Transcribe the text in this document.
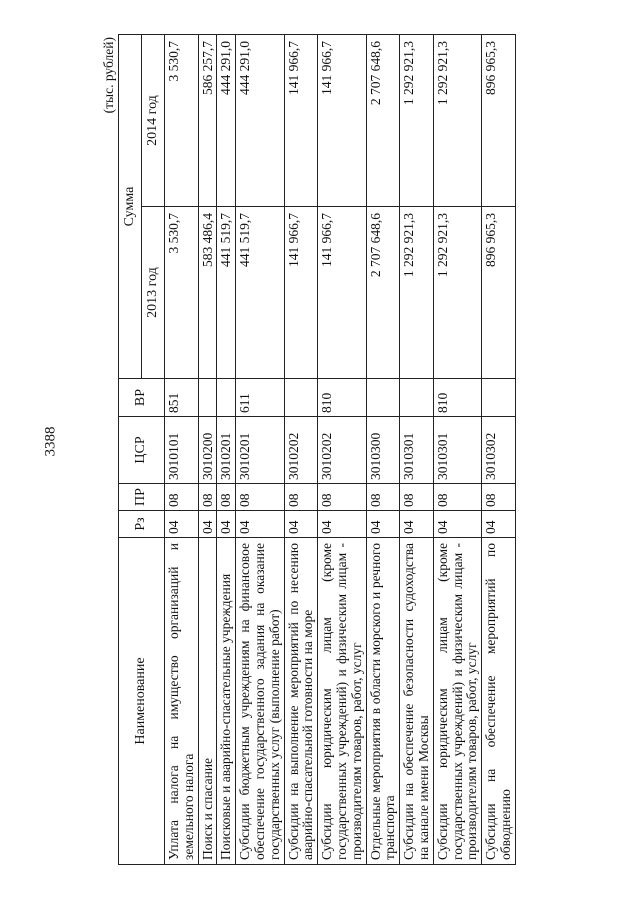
3388
(тыс. рублей)
Наименование	Рз	ПР	ЦСР	ВР	Сумма	
					2013 год	2014 год
Уплата налога на имущество организаций и земельного налога	04	08	3010101	851	3 530,7	3 530,7
Поиск и спасание	04	08	3010200		583 486,4	586 257,7
Поисковые и аварийно-спасательные учреждения	04	08	3010201		441 519,7	444 291,0
Субсидии бюджетным учреждениям на финансовое обеспечение государственного задания на оказание государственных услуг (выполнение работ)	04	08	3010201	611	441 519,7	444 291,0
Субсидии на выполнение мероприятий по несению аварийно-спасательной готовности на море	04	08	3010202		141 966,7	141 966,7
Субсидии юридическим лицам (кроме государственных учреждений) и физическим лицам - производителям товаров, работ, услуг	04	08	3010202	810	141 966,7	141 966,7
Отдельные мероприятия в области морского и речного транспорта	04	08	3010300		2 707 648,6	2 707 648,6
Субсидии на обеспечение безопасности судоходства на канале имени Москвы	04	08	3010301		1 292 921,3	1 292 921,3
Субсидии юридическим лицам (кроме государственных учреждений) и физическим лицам - производителям товаров, работ, услуг	04	08	3010301	810	1 292 921,3	1 292 921,3
Субсидии на обеспечение мероприятий по обводнению	04	08	3010302		896 965,3	896 965,3
